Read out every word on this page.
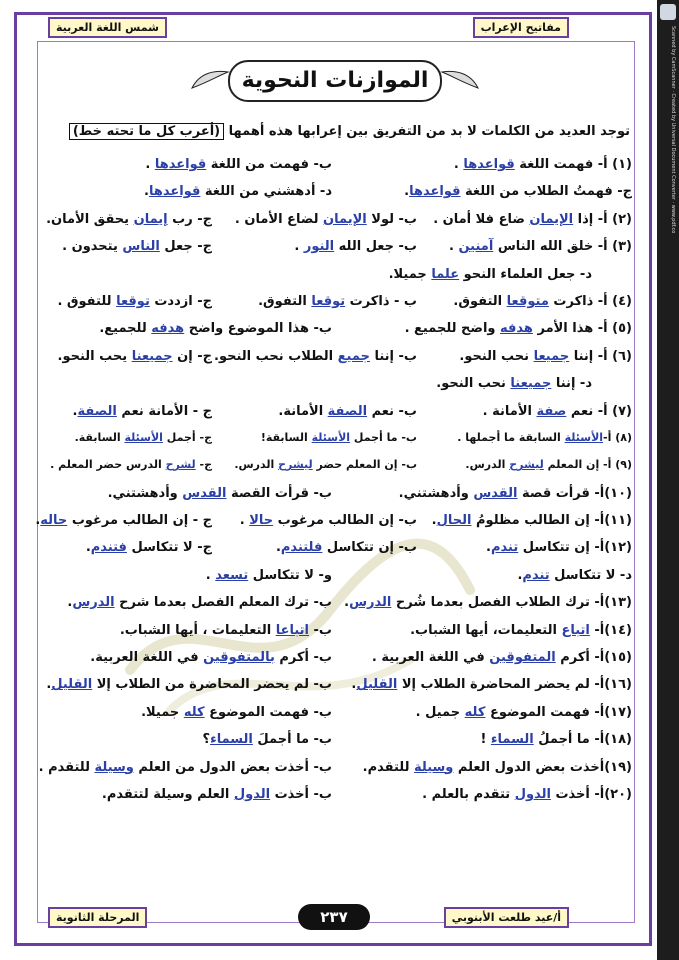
Scanned by CamScanner · Created by Universal Document Converter · www.pdf.co
شمس اللغة العربية	مفاتيح الإعراب
المرحلة الثانوية	أ/عيد طلعت الأبنوبي
٢٣٧
الموازنات النحوية
توجد العديد من الكلمات لا بد من التفريق بين إعرابها هذه أهمها (أعرب كل ما تحته خط)
(١) أ- فهمت اللغة قواعدها .
ب- فهمت من اللغة قواعدها .
ج- فهمتُ الطلاب من اللغة قواعدها.
د- أدهشني من اللغة قواعدها.
(٢) أ- إذا الإيمان ضاع فلا أمان .
ب- لولا الإيمان لضاع الأمان .
ج- رب إيمان يحقق الأمان.
(٣) أ- خلق الله الناس آمنين .
ب- جعل الله النور .
ج- جعل الناس يتحدون .
د- جعل العلماء النحو علما جميلا.
(٤) أ- ذاكرت متوقعا التفوق.
ب - ذاكرت توقعا التفوق.
ج- ازددت توقعا للتفوق .
(٥) أ- هذا الأمر هدفه واضح للجميع .
ب- هذا الموضوع واضح هدفه للجميع.
(٦) أ- إننا جميعا نحب النحو.
ب- إننا جميع الطلاب نحب النحو.
ج- إن جميعنا يحب النحو.
د- إننا جميعنا نحب النحو.
(٧) أ- نعم صفة الأمانة .
ب- نعم الصفة الأمانة.
ج - الأمانة نعم الصفة.
(٨) أ-الأسئلة السابقة ما أجملها .
ب- ما أجمل الأسئلة السابقة!
ج- أجمل الأسئلة السابقة.
(٩) أ- إن المعلم ليشرح الدرس.
ب- إن المعلم حضر ليشرح الدرس.
ج- لشرح الدرس حضر المعلم .
(١٠)أ- قرأت قصة القدس وأدهشتني.
ب- قرأت القصة القدس وأدهشتني.
(١١)أ- إن الطالب مظلومُ الحال.
ب- إن الطالب مرغوب حالا .
ج - إن الطالب مرغوب حاله.
(١٢)أ- إن تتكاسل تندم.
ب- إن تتكاسل فلتندم.
ج- لا تتكاسل فتندم.
د- لا تتكاسل تندم.
و- لا تتكاسل تسعد .
(١٣)أ- ترك الطلاب الفصل بعدما شُرح الدرس.
ب- ترك المعلم الفصل بعدما شرح الدرس.
(١٤)أ- اتباع التعليمات، أيها الشباب.
ب- اتباعا التعليمات ، أيها الشباب.
(١٥)أ- أكرم المتفوقين في اللغة العربية .
ب- أكرم بالمتفوقين في اللغة العربية.
(١٦)أ- لم يحضر المحاضرة الطلاب إلا القليل.
ب- لم يحضر المحاضرة من الطلاب إلا القليل.
(١٧)أ- فهمت الموضوع كله جميل .
ب- فهمت الموضوع كله جميلا.
(١٨)أ- ما أجملُ السماء !
ب- ما أجملَ السماء؟
(١٩)أخذت بعض الدول العلم وسيلة للتقدم.
ب- أخذت بعض الدول من العلم وسيلة للتقدم .
(٢٠)أ- أخذت الدول تتقدم بالعلم .
ب- أخذت الدول العلم وسيلة لتتقدم.
